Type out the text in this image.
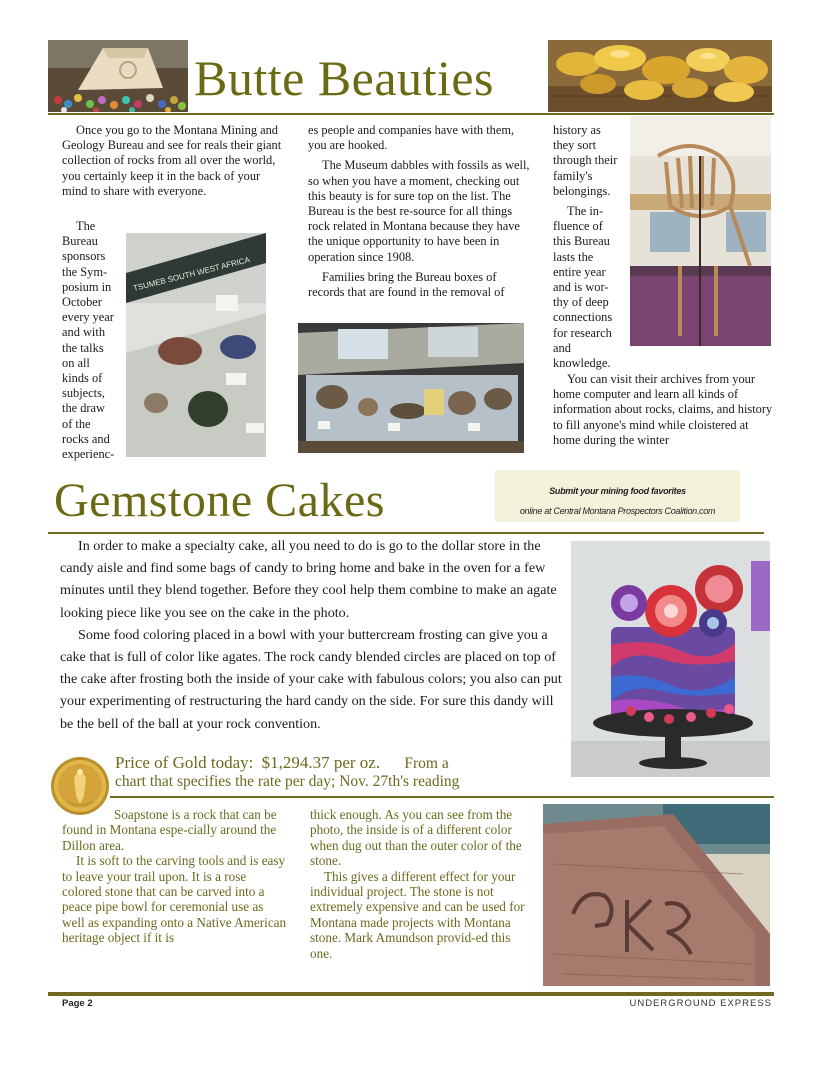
Butte Beauties

Once you go to the Montana Mining and Geology Bureau and see for reals their giant collection of rocks from all over the world, you certainly keep it in the back of your mind to share with everyone.

The
Bureau
sponsors
the Sym-
posium in
October
every year
and with
the talks
on all
kinds of
subjects,
the draw
of the
rocks and
experienc-
TSUMEB SOUTH WEST AFRICA

es people and companies have with them, you are hooked.

The Museum dabbles with fossils as well, so when you have a moment, checking out this beauty is for sure top on the list. The Bureau is the best re-source for all things rock related in Montana because they have the unique opportunity to have been in operation since 1908.

Families bring the Bureau boxes of records that are found in the removal of

history as
they sort
through their
family's
belongings.
The in-
fluence of
this Bureau
lasts the
entire year
and is wor-
thy of deep
connections
for research
and
knowledge.

You can visit their archives from your home computer and learn all kinds of information about rocks, claims, and history to fill anyone's mind while cloistered at home during the winter

Gemstone Cakes	Submit your mining food favorites
online at Central Montana Prospectors Coalition.com

In order to make a specialty cake, all you need to do is go to the dollar store in the candy aisle and find some bags of candy to bring home and bake in the oven for a few minutes until they blend together. Before they cool help them combine to make an agate looking piece like you see on the cake in the photo.

Some food coloring placed in a bowl with your buttercream frosting can give you a cake that is full of color like agates. The rock candy blended circles are placed on top of the cake after frosting both the inside of your cake with fabulous colors; you also can put your experimenting of restructuring the hard candy on the side. For sure this dandy will be the bell of the ball at your rock convention.

Price of Gold today: $1,294.37 per oz. From a
chart that specifies the rate per day; Nov. 27th's reading

Soapstone is a rock that can be found in Montana espe-cially around the Dillon area.

It is soft to the carving tools and is easy to leave your trail upon. It is a rose colored stone that can be carved into a peace pipe bowl for ceremonial use as well as expanding onto a Native American heritage object if it is

thick enough. As you can see from the photo, the inside is of a different color when dug out than the outer color of the stone.

This gives a different effect for your individual project. The stone is not extremely expensive and can be used for Montana made projects with Montana stone. Mark Amundson provid-ed this one.

Page 2	UNDERGROUND EXPRESS
